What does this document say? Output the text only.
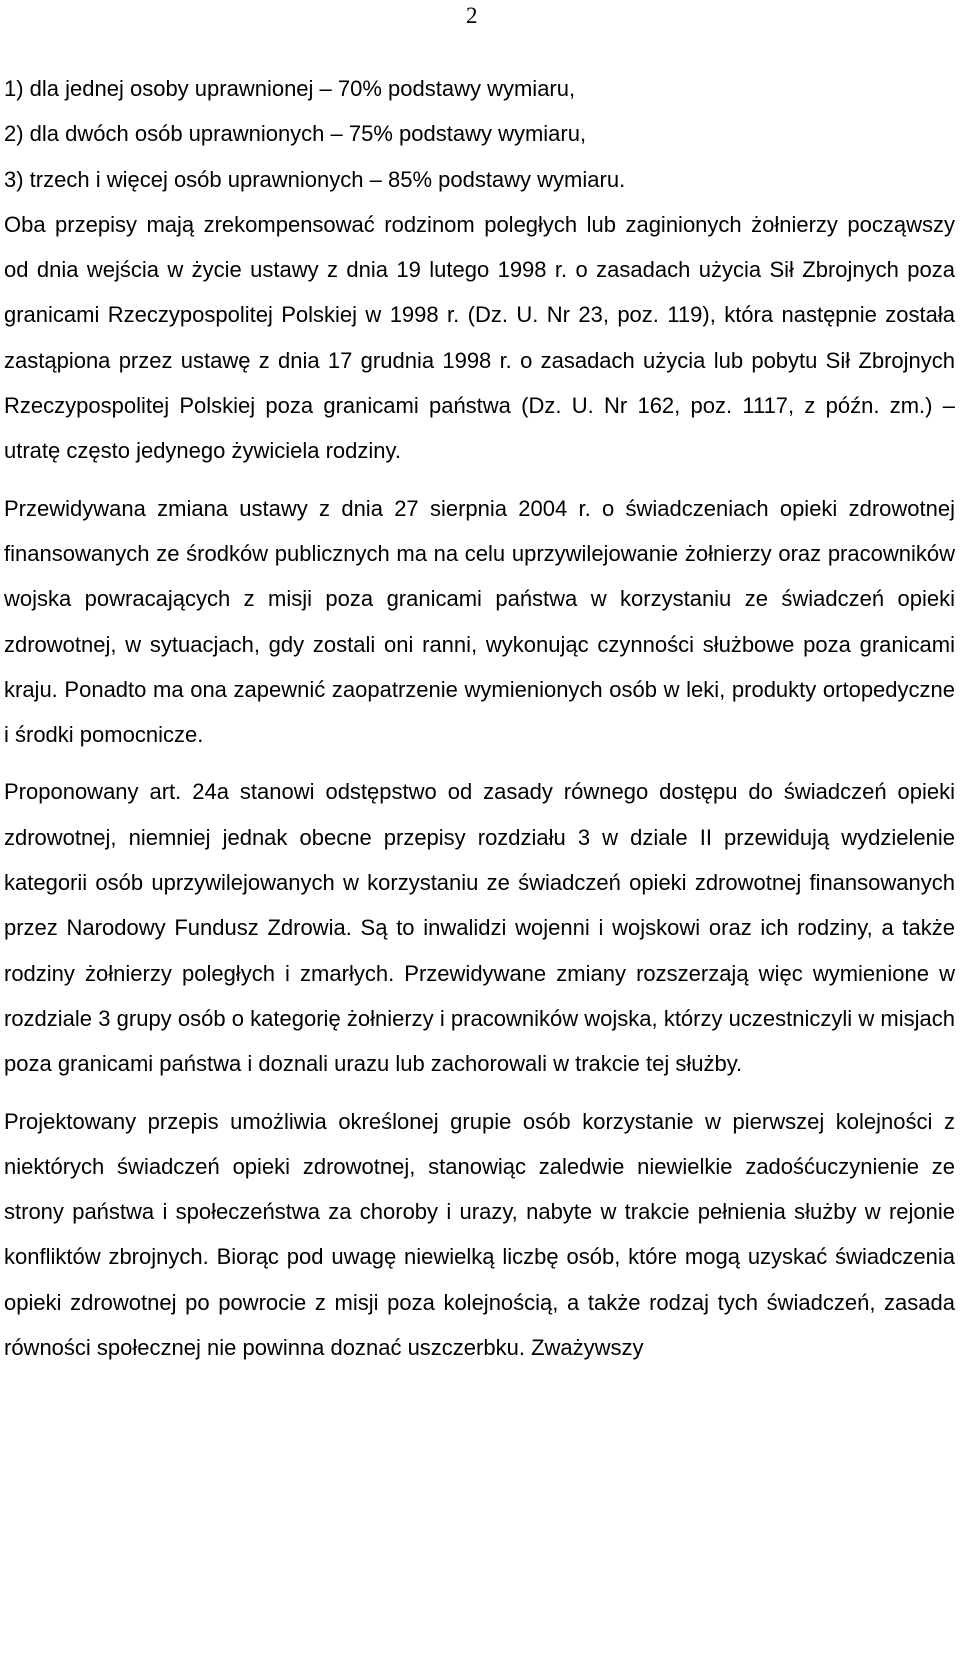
2

1) dla jednej osoby uprawnionej – 70% podstawy wymiaru,

2) dla dwóch osób uprawnionych – 75% podstawy wymiaru,

3) trzech i więcej osób uprawnionych – 85% podstawy wymiaru.

Oba przepisy mają zrekompensować rodzinom poległych lub zaginionych żołnierzy począwszy od dnia wejścia w życie ustawy z dnia 19 lutego 1998 r. o zasadach użycia Sił Zbrojnych poza granicami Rzeczypospolitej Polskiej w 1998 r. (Dz. U. Nr 23, poz. 119), która następnie została zastąpiona przez ustawę z dnia 17 grudnia 1998 r. o zasadach użycia lub pobytu Sił Zbrojnych Rzeczypospolitej Polskiej poza granicami państwa (Dz. U. Nr 162, poz. 1117, z późn. zm.) – utratę często jedynego żywiciela rodziny.

Przewidywana zmiana ustawy z dnia 27 sierpnia 2004 r. o świadczeniach opieki zdrowotnej finansowanych ze środków publicznych ma na celu uprzywilejowanie żołnierzy oraz pracowników wojska powracających z misji poza granicami państwa w korzystaniu ze świadczeń opieki zdrowotnej, w sytuacjach, gdy zostali oni ranni, wykonując czynności służbowe poza granicami kraju. Ponadto ma ona zapewnić zaopatrzenie wymienionych osób w leki, produkty ortopedyczne i środki pomocnicze.

Proponowany art. 24a stanowi odstępstwo od zasady równego dostępu do świadczeń opieki zdrowotnej, niemniej jednak obecne przepisy rozdziału 3 w dziale II przewidują wydzielenie kategorii osób uprzywilejowanych w korzystaniu ze świadczeń opieki zdrowotnej finansowanych przez Narodowy Fundusz Zdrowia. Są to inwalidzi wojenni i wojskowi oraz ich rodziny, a także rodziny żołnierzy poległych i zmarłych. Przewidywane zmiany rozszerzają więc wymienione w rozdziale 3 grupy osób o kategorię żołnierzy i pracowników wojska, którzy uczestniczyli w misjach poza granicami państwa i doznali urazu lub zachorowali w trakcie tej służby.

Projektowany przepis umożliwia określonej grupie osób korzystanie w pierwszej kolejności z niektórych świadczeń opieki zdrowotnej, stanowiąc zaledwie niewielkie zadośćuczynienie ze strony państwa i społeczeństwa za choroby i urazy, nabyte w trakcie pełnienia służby w rejonie konfliktów zbrojnych. Biorąc pod uwagę niewielką liczbę osób, które mogą uzyskać świadczenia opieki zdrowotnej po powrocie z misji poza kolejnością, a także rodzaj tych świadczeń, zasada równości społecznej nie powinna doznać uszczerbku. Zważywszy
